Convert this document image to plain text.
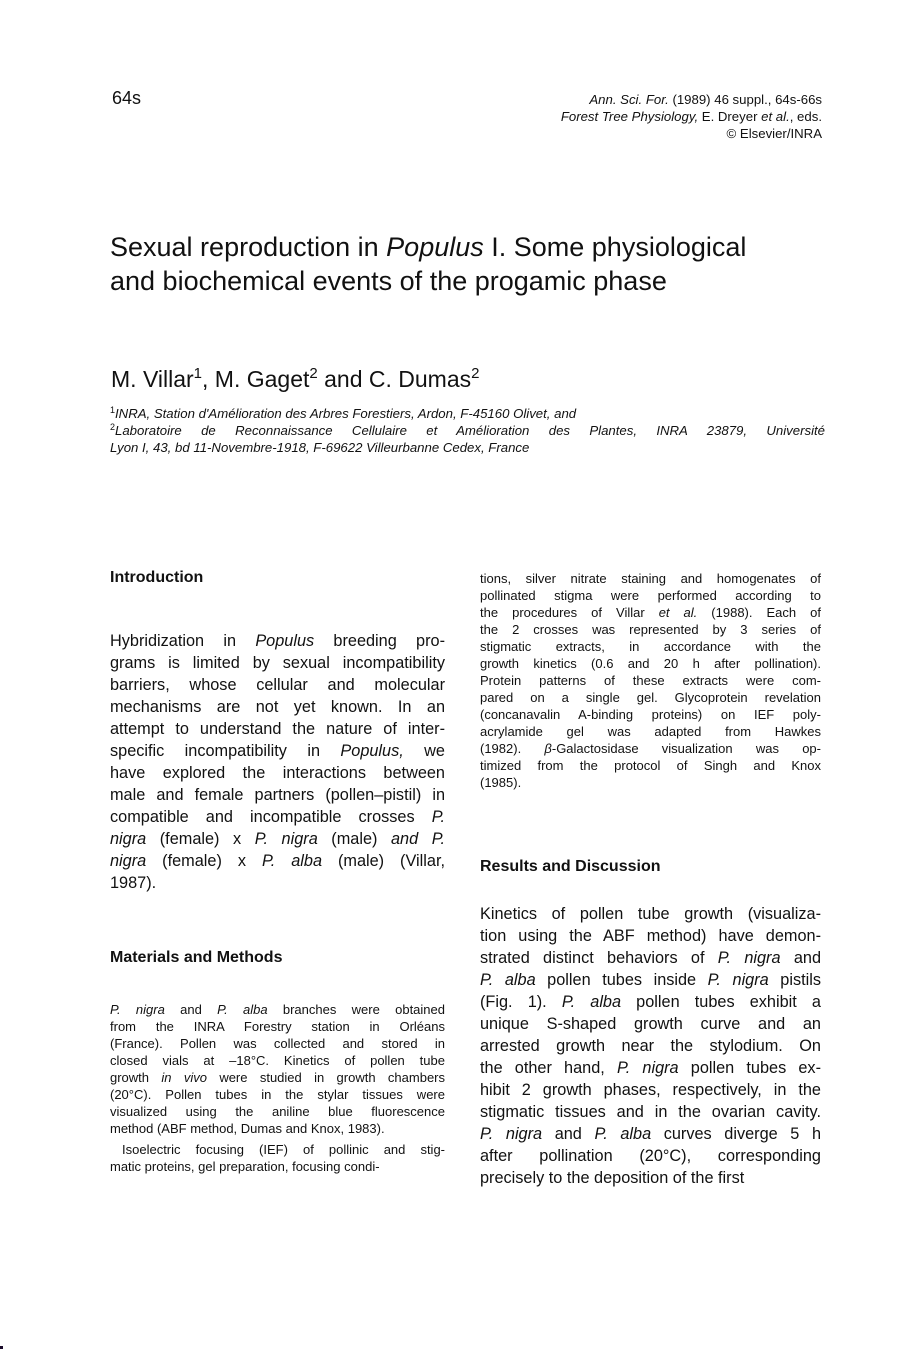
64s	Ann. Sci. For. (1989) 46 suppl., 64s-66s
Forest Tree Physiology, E. Dreyer et al., eds.
© Elsevier/INRA
Sexual reproduction in Populus I. Some physiological
and biochemical events of the progamic phase
M. Villar$^1$, M. Gaget$^2$ and C. Dumas$^2$
$^1$INRA, Station d'Amélioration des Arbres Forestiers, Ardon, F-45160 Olivet, and
$^2$Laboratoire de Reconnaissance Cellulaire et Amélioration des Plantes, INRA 23879, Université
Lyon I, 43, bd 11-Novembre-1918, F-69622 Villeurbanne Cedex, France
Introduction
Hybridization in Populus breeding pro-
grams is limited by sexual incompatibility
barriers, whose cellular and molecular
mechanisms are not yet known. In an
attempt to understand the nature of inter-
specific incompatibility in Populus, we
have explored the interactions between
male and female partners (pollen–pistil) in
compatible and incompatible crosses P.
nigra (female) x P. nigra (male) and P.
nigra (female) x P. alba (male) (Villar,
1987).
Materials and Methods
P. nigra and P. alba branches were obtained
from the INRA Forestry station in Orléans
(France). Pollen was collected and stored in
closed vials at –18°C. Kinetics of pollen tube
growth in vivo were studied in growth chambers
(20°C). Pollen tubes in the stylar tissues were
visualized using the aniline blue fluorescence
method (ABF method, Dumas and Knox, 1983).
Isoelectric focusing (IEF) of pollinic and stig-
matic proteins, gel preparation, focusing condi-
tions, silver nitrate staining and homogenates of
pollinated stigma were performed according to
the procedures of Villar et al. (1988). Each of
the 2 crosses was represented by 3 series of
stigmatic extracts, in accordance with the
growth kinetics (0.6 and 20 h after pollination).
Protein patterns of these extracts were com-
pared on a single gel. Glycoprotein revelation
(concanavalin A-binding proteins) on IEF poly-
acrylamide gel was adapted from Hawkes
(1982). β-Galactosidase visualization was op-
timized from the protocol of Singh and Knox
(1985).
Results and Discussion
Kinetics of pollen tube growth (visualiza-
tion using the ABF method) have demon-
strated distinct behaviors of P. nigra and
P. alba pollen tubes inside P. nigra pistils
(Fig. 1). P. alba pollen tubes exhibit a
unique S-shaped growth curve and an
arrested growth near the stylodium. On
the other hand, P. nigra pollen tubes ex-
hibit 2 growth phases, respectively, in the
stigmatic tissues and in the ovarian cavity.
P. nigra and P. alba curves diverge 5 h
after pollination (20°C), corresponding
precisely to the deposition of the first
